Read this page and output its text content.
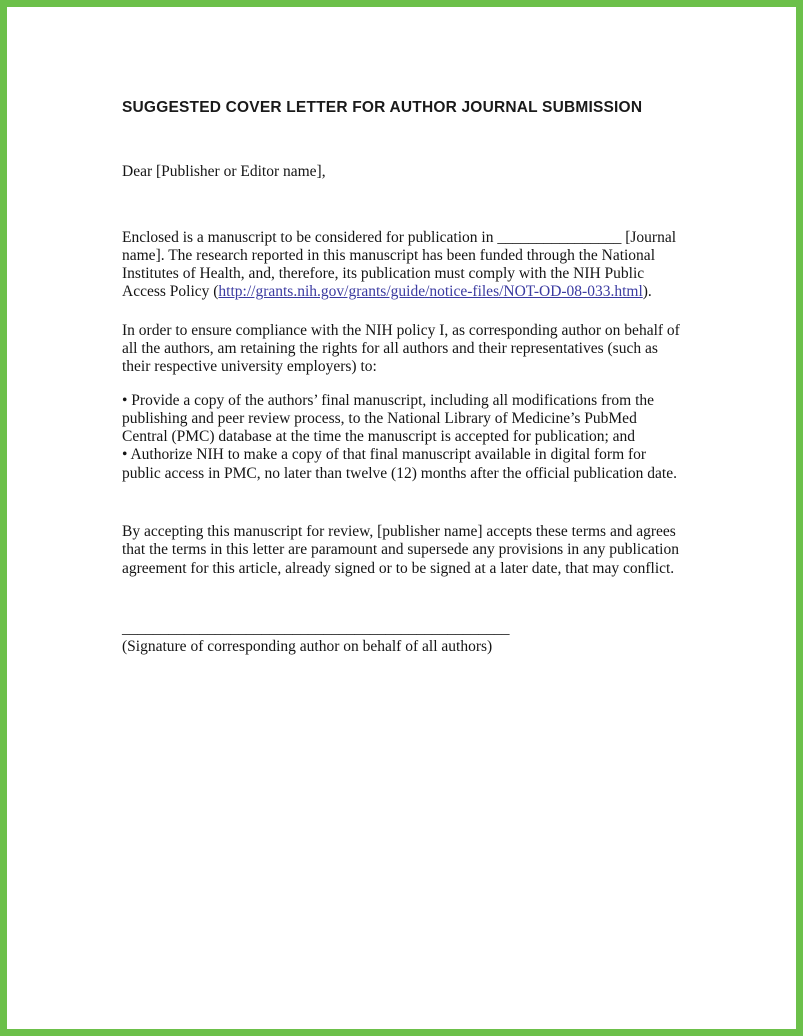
SUGGESTED COVER LETTER FOR AUTHOR JOURNAL SUBMISSION

Dear [Publisher or Editor name],

Enclosed is a manuscript to be considered for publication in ________________ [Journal name]. The research reported in this manuscript has been funded through the National Institutes of Health, and, therefore, its publication must comply with the NIH Public Access Policy (http://grants.nih.gov/grants/guide/notice-files/NOT-OD-08-033.html).

In order to ensure compliance with the NIH policy I, as corresponding author on behalf of all the authors, am retaining the rights for all authors and their representatives (such as their respective university employers) to:

• Provide a copy of the authors’ final manuscript, including all modifications from the publishing and peer review process, to the National Library of Medicine’s PubMed Central (PMC) database at the time the manuscript is accepted for publication; and

• Authorize NIH to make a copy of that final manuscript available in digital form for public access in PMC, no later than twelve (12) months after the official publication date.

By accepting this manuscript for review, [publisher name] accepts these terms and agrees that the terms in this letter are paramount and supersede any provisions in any publication agreement for this article, already signed or to be signed at a later date, that may conflict.

__________________________________________________

(Signature of corresponding author on behalf of all authors)
